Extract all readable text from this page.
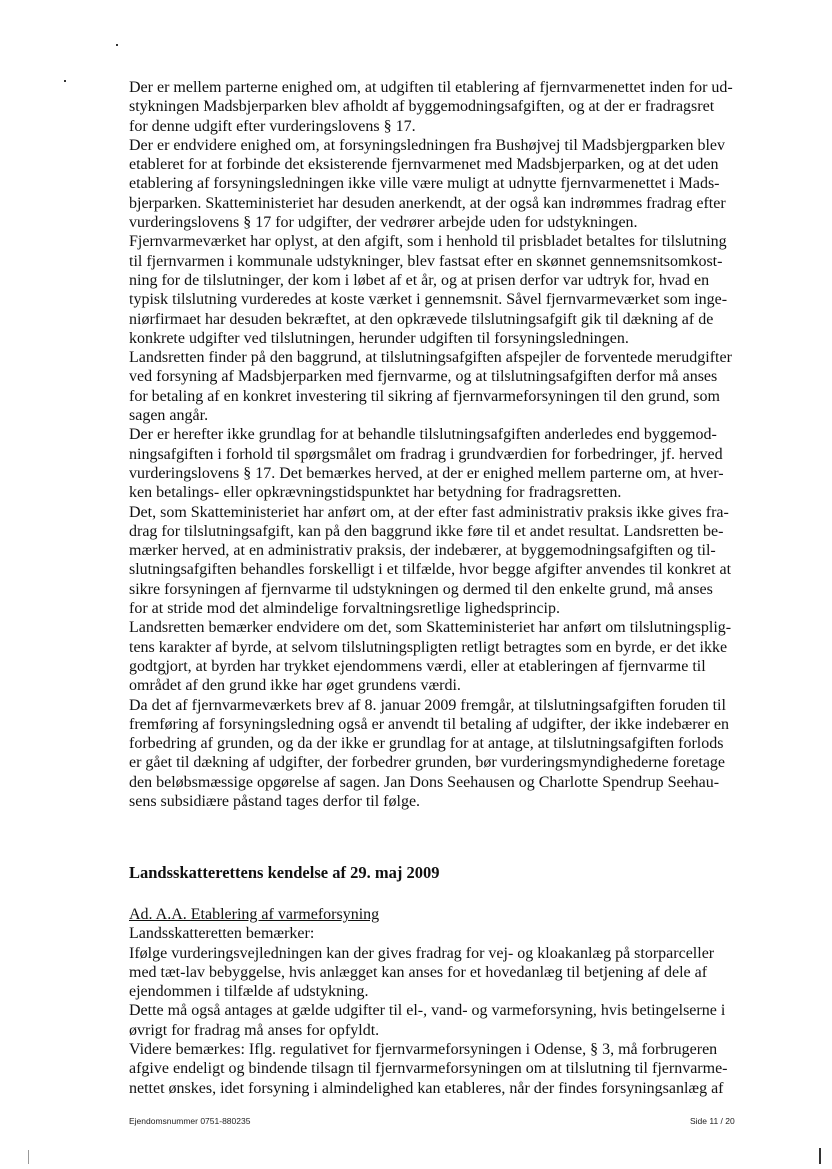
Der er mellem parterne enighed om, at udgiften til etablering af fjernvarmenettet inden for ud-
stykningen Madsbjerparken blev afholdt af byggemodningsafgiften, og at der er fradragsret
for denne udgift efter vurderingslovens § 17.
Der er endvidere enighed om, at forsyningsledningen fra Bushøjvej til Madsbjergparken blev
etableret for at forbinde det eksisterende fjernvarmenet med Madsbjerparken, og at det uden
etablering af forsyningsledningen ikke ville være muligt at udnytte fjernvarmenettet i Mads-
bjerparken. Skatteministeriet har desuden anerkendt, at der også kan indrømmes fradrag efter
vurderingslovens § 17 for udgifter, der vedrører arbejde uden for udstykningen.
Fjernvarmeværket har oplyst, at den afgift, som i henhold til prisbladet betaltes for tilslutning
til fjernvarmen i kommunale udstykninger, blev fastsat efter en skønnet gennemsnitsomkost-
ning for de tilslutninger, der kom i løbet af et år, og at prisen derfor var udtryk for, hvad en
typisk tilslutning vurderedes at koste værket i gennemsnit. Såvel fjernvarmeværket som inge-
niørfirmaet har desuden bekræftet, at den opkrævede tilslutningsafgift gik til dækning af de
konkrete udgifter ved tilslutningen, herunder udgiften til forsyningsledningen.
Landsretten finder på den baggrund, at tilslutningsafgiften afspejler de forventede merudgifter
ved forsyning af Madsbjerparken med fjernvarme, og at tilslutningsafgiften derfor må anses
for betaling af en konkret investering til sikring af fjernvarmeforsyningen til den grund, som
sagen angår.
Der er herefter ikke grundlag for at behandle tilslutningsafgiften anderledes end byggemod-
ningsafgiften i forhold til spørgsmålet om fradrag i grundværdien for forbedringer, jf. herved
vurderingslovens § 17. Det bemærkes herved, at der er enighed mellem parterne om, at hver-
ken betalings- eller opkrævningstidspunktet har betydning for fradragsretten.
Det, som Skatteministeriet har anført om, at der efter fast administrativ praksis ikke gives fra-
drag for tilslutningsafgift, kan på den baggrund ikke føre til et andet resultat. Landsretten be-
mærker herved, at en administrativ praksis, der indebærer, at byggemodningsafgiften og til-
slutningsafgiften behandles forskelligt i et tilfælde, hvor begge afgifter anvendes til konkret at
sikre forsyningen af fjernvarme til udstykningen og dermed til den enkelte grund, må anses
for at stride mod det almindelige forvaltningsretlige lighedsprincip.
Landsretten bemærker endvidere om det, som Skatteministeriet har anført om tilslutningsplig-
tens karakter af byrde, at selvom tilslutningspligten retligt betragtes som en byrde, er det ikke
godtgjort, at byrden har trykket ejendommens værdi, eller at etableringen af fjernvarme til
området af den grund ikke har øget grundens værdi.
Da det af fjernvarmeværkets brev af 8. januar 2009 fremgår, at tilslutningsafgiften foruden til
fremføring af forsyningsledning også er anvendt til betaling af udgifter, der ikke indebærer en
forbedring af grunden, og da der ikke er grundlag for at antage, at tilslutningsafgiften forlods
er gået til dækning af udgifter, der forbedrer grunden, bør vurderingsmyndighederne foretage
den beløbsmæssige opgørelse af sagen. Jan Dons Seehausen og Charlotte Spendrup Seehau-
sens subsidiære påstand tages derfor til følge.
Landsskatterettens kendelse af 29. maj 2009
Ad. A.A. Etablering af varmeforsyning
Landsskatteretten bemærker:
Ifølge vurderingsvejledningen kan der gives fradrag for vej- og kloakanlæg på storparceller
med tæt-lav bebyggelse, hvis anlægget kan anses for et hovedanlæg til betjening af dele af
ejendommen i tilfælde af udstykning.
Dette må også antages at gælde udgifter til el-, vand- og varmeforsyning, hvis betingelserne i
øvrigt for fradrag må anses for opfyldt.
Videre bemærkes: Iflg. regulativet for fjernvarmeforsyningen i Odense, § 3, må forbrugeren
afgive endeligt og bindende tilsagn til fjernvarmeforsyningen om at tilslutning til fjernvarme-
nettet ønskes, idet forsyning i almindelighed kan etableres, når der findes forsyningsanlæg af
Ejendomsnummer 0751-880235	Side 11 / 20
